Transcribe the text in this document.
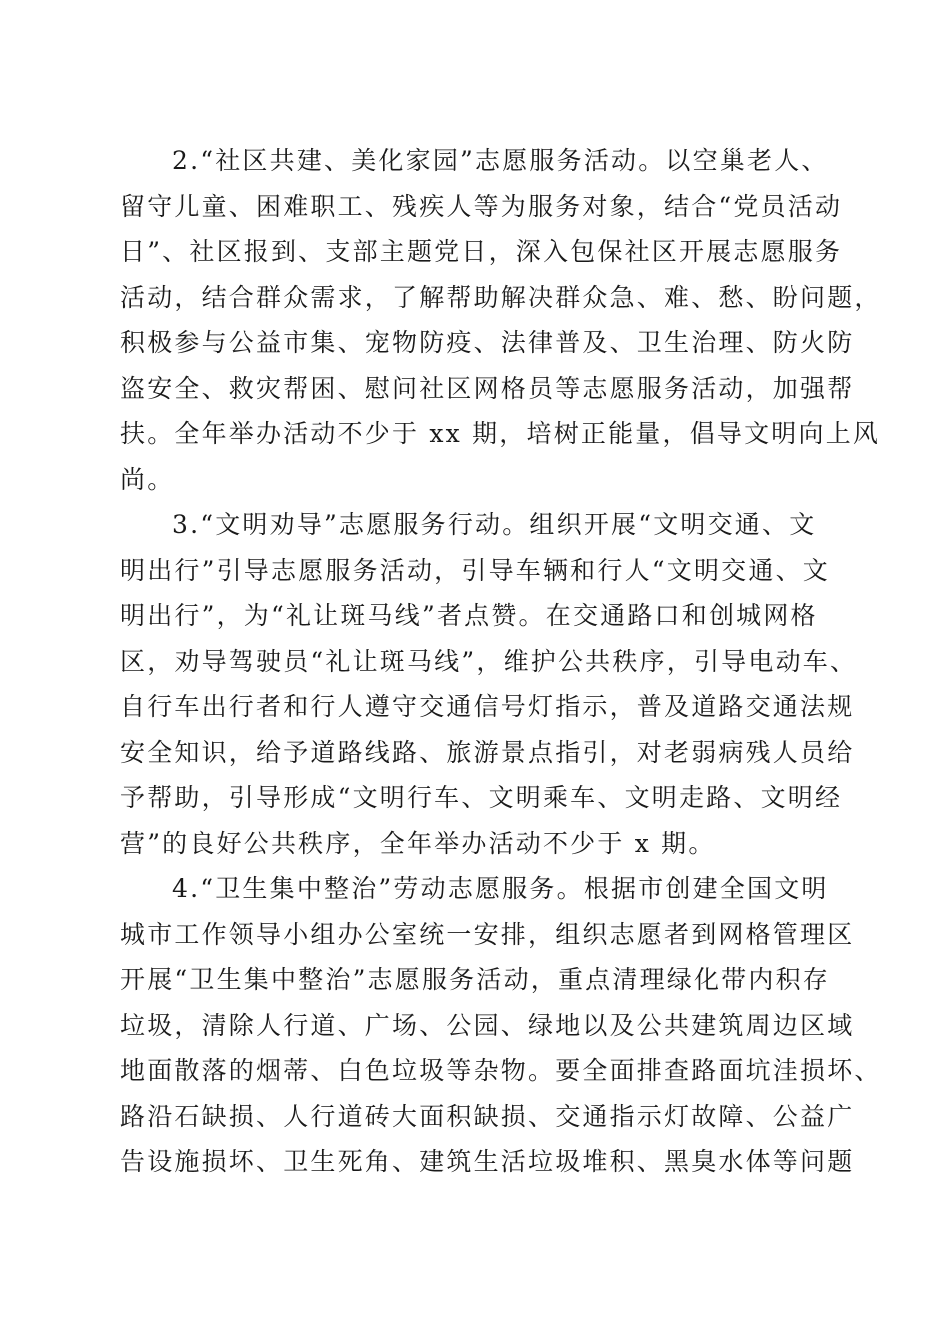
2.“社区共建、美化家园”志愿服务活动。以空巢老人、
留守儿童、困难职工、残疾人等为服务对象，结合“党员活动
日”、社区报到、支部主题党日，深入包保社区开展志愿服务
活动，结合群众需求，了解帮助解决群众急、难、愁、盼问题，
积极参与公益市集、宠物防疫、法律普及、卫生治理、防火防
盗安全、救灾帮困、慰问社区网格员等志愿服务活动，加强帮
扶。全年举办活动不少于 xx 期，培树正能量，倡导文明向上风
尚。
3.“文明劝导”志愿服务行动。组织开展“文明交通、文
明出行”引导志愿服务活动，引导车辆和行人“文明交通、文
明出行”，为“礼让斑马线”者点赞。在交通路口和创城网格
区，劝导驾驶员“礼让斑马线”，维护公共秩序，引导电动车、
自行车出行者和行人遵守交通信号灯指示，普及道路交通法规
安全知识，给予道路线路、旅游景点指引，对老弱病残人员给
予帮助，引导形成“文明行车、文明乘车、文明走路、文明经
营”的良好公共秩序，全年举办活动不少于 x 期。
4.“卫生集中整治”劳动志愿服务。根据市创建全国文明
城市工作领导小组办公室统一安排，组织志愿者到网格管理区
开展“卫生集中整治”志愿服务活动，重点清理绿化带内积存
垃圾，清除人行道、广场、公园、绿地以及公共建筑周边区域
地面散落的烟蒂、白色垃圾等杂物。要全面排查路面坑洼损坏、
路沿石缺损、人行道砖大面积缺损、交通指示灯故障、公益广
告设施损坏、卫生死角、建筑生活垃圾堆积、黑臭水体等问题
